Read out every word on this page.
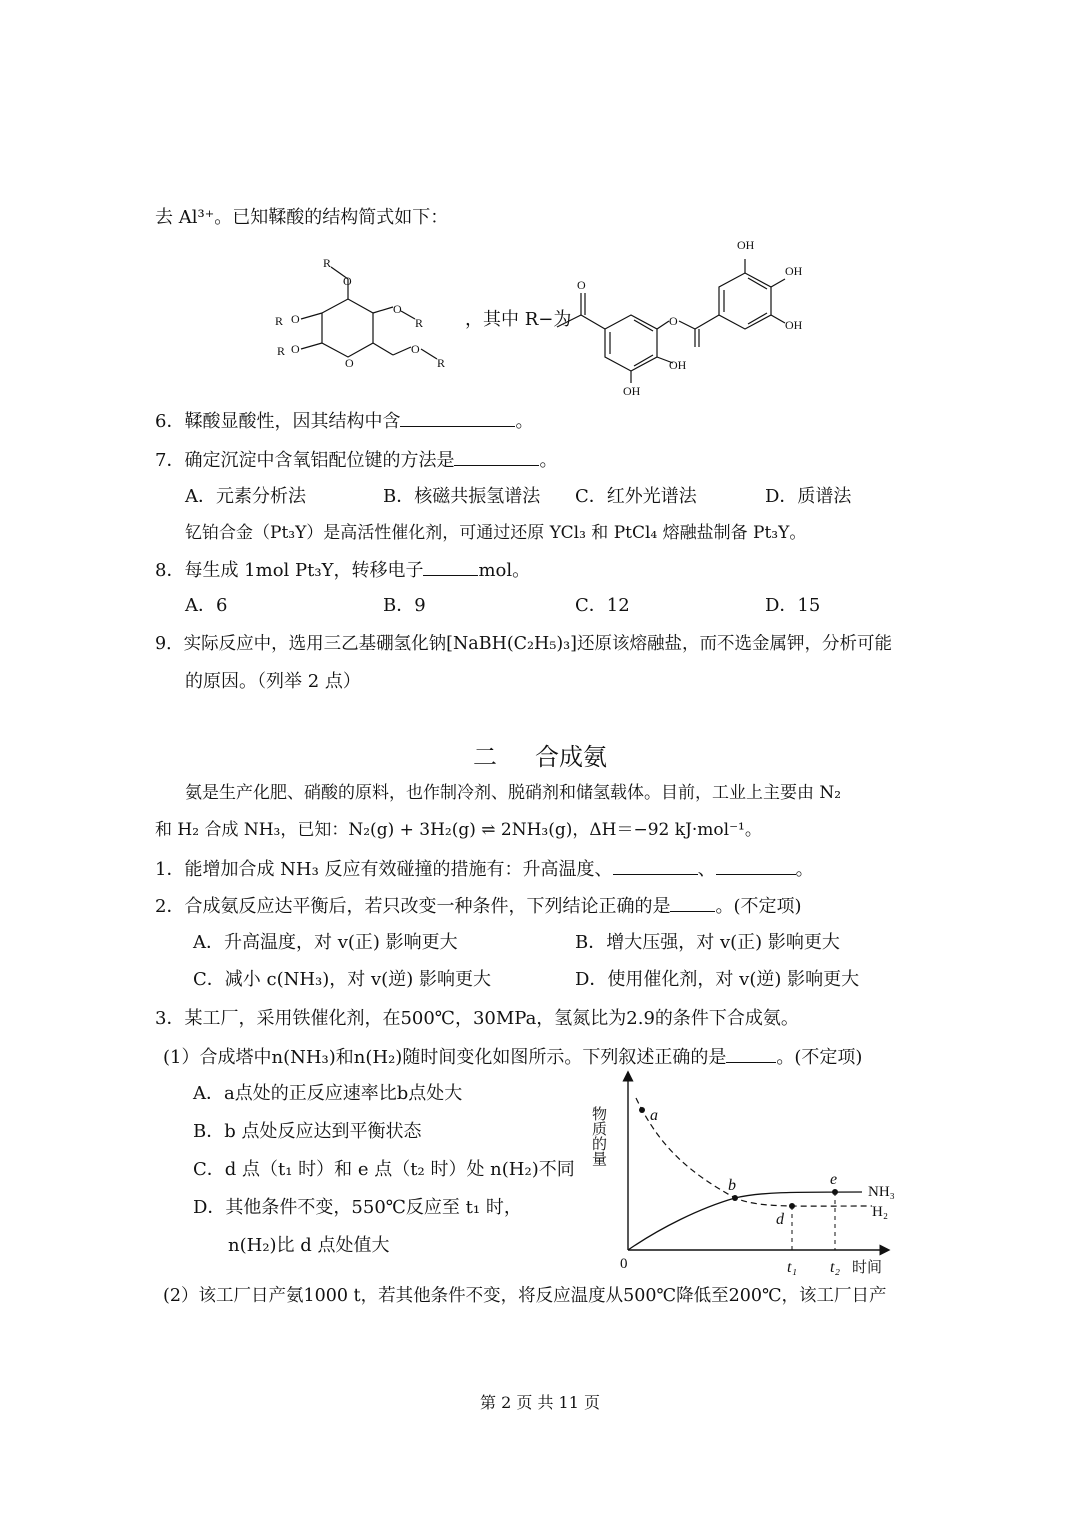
去 Al³⁺。已知鞣酸的结构简式如下：
R
O
R O
O
R
R O
O
O
R
，其中 R−为
O
O
OH
OH
OH
OH
OH
6．鞣酸显酸性，因其结构中含	。
7．确定沉淀中含氧铝配位键的方法是	。
A．元素分析法	B．核磁共振氢谱法 C．红外光谱法	D．质谱法
钇铂合金（Pt₃Y）是高活性催化剂，可通过还原 YCl₃ 和 PtCl₄ 熔融盐制备 Pt₃Y。
8．每生成 1mol Pt₃Y，转移电子	mol。
A．6	B．9	C．12	D．15
9．实际反应中，选用三乙基硼氢化钠[NaBH(C₂H₅)₃]还原该熔融盐，而不选金属钾，分析可能
的原因。（列举 2 点）
二 合成氨
氨是生产化肥、硝酸的原料，也作制冷剂、脱硝剂和储氢载体。目前，工业上主要由 N₂
和 H₂ 合成 NH₃，已知：N₂(g) + 3H₂(g) ⇌ 2NH₃(g)，ΔH＝−92 kJ·mol⁻¹。
1．能增加合成 NH₃ 反应有效碰撞的措施有：升高温度、	、	。
2．合成氨反应达平衡后，若只改变一种条件，下列结论正确的是	。(不定项)
A．升高温度，对 v(正) 影响更大	B．增大压强，对 v(正) 影响更大
C．减小 c(NH₃)，对 v(逆) 影响更大	D．使用催化剂，对 v(逆) 影响更大
3．某工厂，采用铁催化剂，在500℃，30MPa，氢氮比为2.9的条件下合成氨。
(1）合成塔中n(NH₃)和n(H₂)随时间变化如图所示。下列叙述正确的是	。(不定项)
A．a点处的正反应速率比b点处大
B．b 点处反应达到平衡状态
C．d 点（t₁ 时）和 e 点（t₂ 时）处 n(H₂)不同
D．其他条件不变，550℃反应至 t₁ 时，
n(H₂)比 d 点处值大
a
b
d
e
t₁ t₂
NH₃
H₂
时间
0
物质的量
(2）该工厂日产氨1000 t，若其他条件不变，将反应温度从500℃降低至200℃，该工厂日产
第 2 页 共 11 页
